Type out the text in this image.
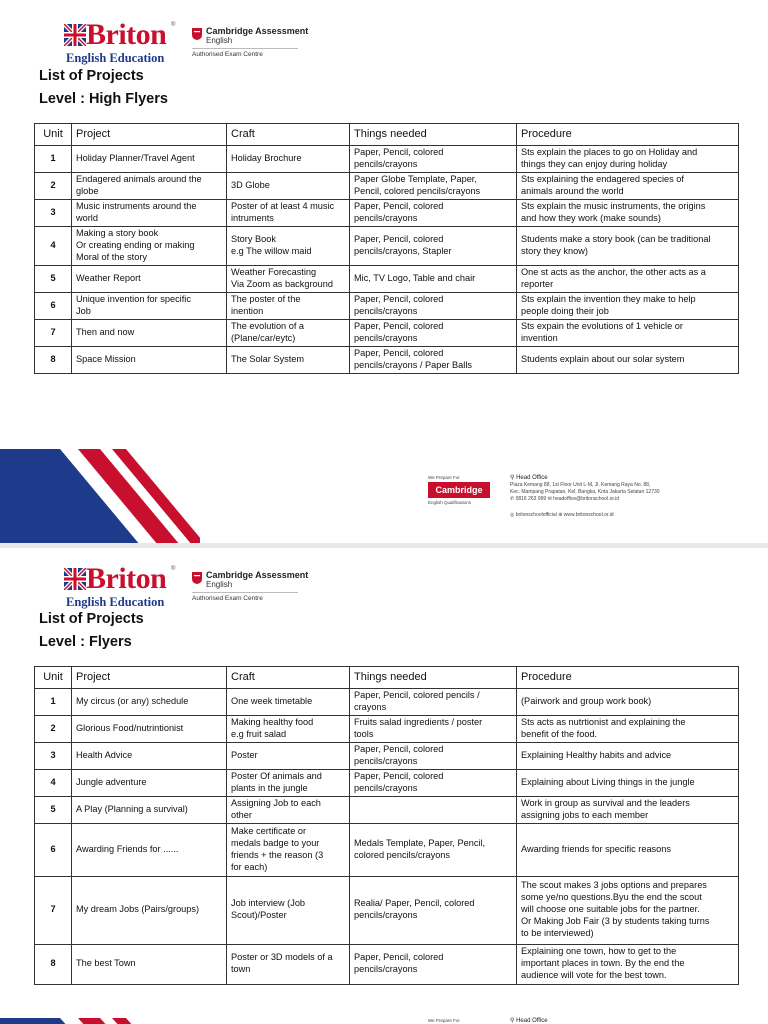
Briton ®
English Education
Cambridge Assessment
English
Authorised Exam Centre
List of Projects
Level : High Flyers
Unit	Project	Craft	Things needed	Procedure
1	Holiday Planner/Travel Agent	Holiday Brochure	Paper, Pencil, colored
pencils/crayons	Sts explain the places to go on Holiday and
things they can enjoy during holiday
2	Endagered animals around the
globe	3D Globe	Paper Globe Template, Paper,
Pencil, colored pencils/crayons	Sts explaining the endagered species of
animals around the world
3	Music instruments around the
world	Poster of at least 4 music
intruments	Paper, Pencil, colored
pencils/crayons	Sts explain the music instruments, the origins
and how they work (make sounds)
4	Making a story book
Or creating ending or making
Moral of the story	Story Book
e.g The willow maid	Paper, Pencil, colored
pencils/crayons, Stapler	Students make a story book (can be traditional
story they know)
5	Weather Report	Weather Forecasting
Via Zoom as background	Mic, TV Logo, Table and chair	One st acts as the anchor, the other acts as a
reporter
6	Unique invention for specific
Job	The poster of the
inention	Paper, Pencil, colored
pencils/crayons	Sts explain the invention they make to help
people doing their job
7	Then and now	The evolution of a
(Plane/car/eytc)	Paper, Pencil, colored
pencils/crayons	Sts expain the evolutions of 1 vehicle or
invention
8	Space Mission	The Solar System	Paper, Pencil, colored
pencils/crayons / Paper Balls	Students explain about our solar system
We Prepare For
Cambridge
English Qualifications
⚲ Head Office
Plaza Kemang 88, 1st Floor Unit L-M, Jl. Kemang Raya No. 88,
Kec. Mampang Prapatan, Kel. Bangka, Kota Jakarta Selatan 12730
✆ 0816 263 999 ✉ headoffice@britonschool.or.id
◎ britonschoolofficial ⊕ www.britonschool.or.id
Briton ®
English Education
Cambridge Assessment
English
Authorised Exam Centre
List of Projects
Level : Flyers
Unit	Project	Craft	Things needed	Procedure
1	My circus (or any) schedule	One week timetable	Paper, Pencil, colored pencils /
crayons	(Pairwork and group work book)
2	Glorious Food/nutrintionist	Making healthy food
e.g fruit salad	Fruits salad ingredients / poster
tools	Sts acts as nutrtionist and explaining the
benefit of the food.
3	Health Advice	Poster	Paper, Pencil, colored
pencils/crayons	Explaining Healthy habits and advice
4	Jungle adventure	Poster Of animals and
plants in the jungle	Paper, Pencil, colored
pencils/crayons	Explaining about Living things in the jungle
5	A Play (Planning a survival)	Assigning Job to each
other		Work in group as survival and the leaders
assigning jobs to each member
6	Awarding Friends for ......	Make certificate or
medals badge to your
friends + the reason (3
for each)	Medals Template, Paper, Pencil,
colored pencils/crayons	Awarding friends for specific reasons
7	My dream Jobs (Pairs/groups)	Job interview (Job
Scout)/Poster	Realia/ Paper, Pencil, colored
pencils/crayons	The scout makes 3 jobs options and prepares
some ye/no questions.Byu the end the scout
will choose one suitable jobs for the partner.
Or Making Job Fair (3 by students taking turns
to be interviewed)
8	The best Town	Poster or 3D models of a
town	Paper, Pencil, colored
pencils/crayons	Explaining one town, how to get to the
important places in town. By the end the
audience will vote for the best town.
We Prepare For	⚲ Head Office
